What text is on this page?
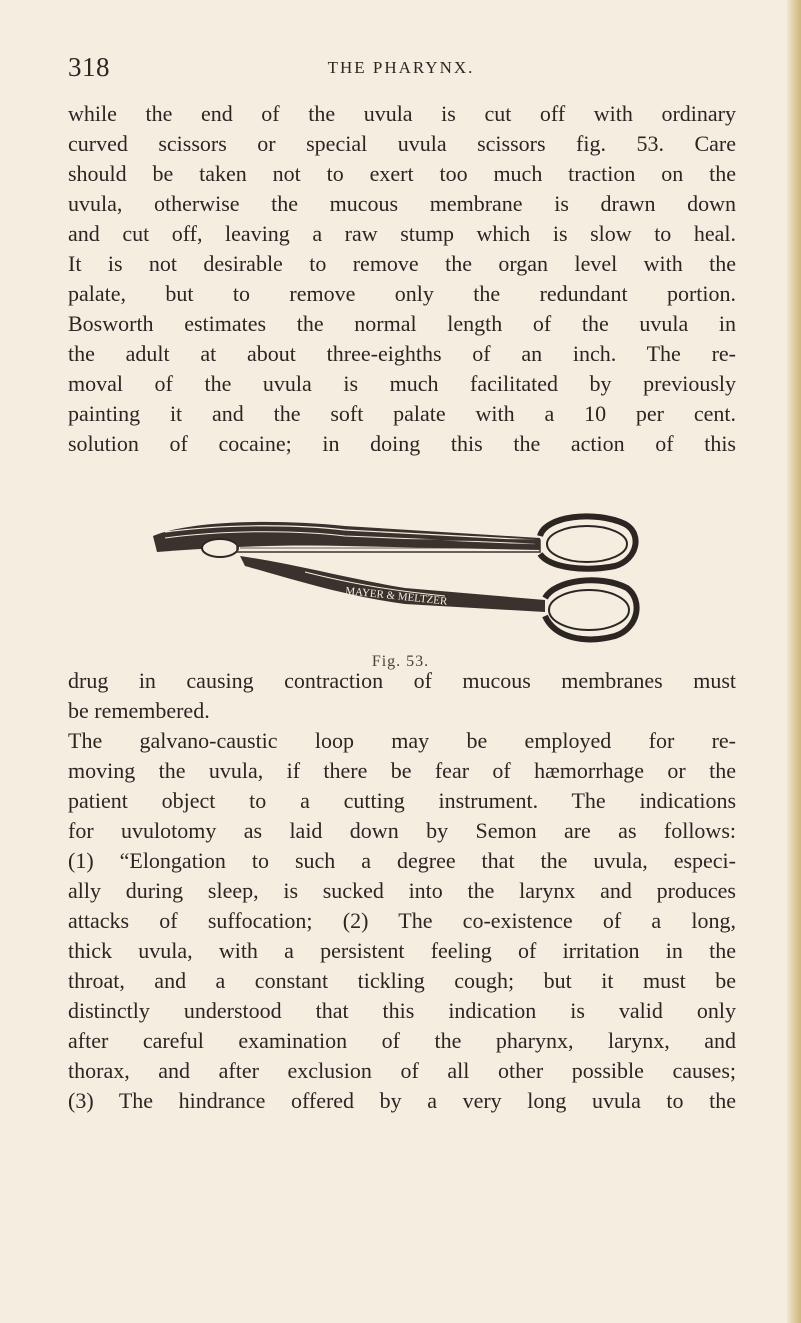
318	THE PHARYNX.
while the end of the uvula is cut off with ordinary
curved scissors or special uvula scissors fig. 53. Care
should be taken not to exert too much traction on the
uvula, otherwise the mucous membrane is drawn down
and cut off, leaving a raw stump which is slow to heal.
It is not desirable to remove the organ level with the
palate, but to remove only the redundant portion.
Bosworth estimates the normal length of the uvula in
the adult at about three-eighths of an inch. The re-
moval of the uvula is much facilitated by previously
painting it and the soft palate with a 10 per cent.
solution of cocaine; in doing this the action of this
MAYER & MELTZER
Fig. 53.
drug in causing contraction of mucous membranes must
be remembered.
The galvano-caustic loop may be employed for re-
moving the uvula, if there be fear of hæmorrhage or the
patient object to a cutting instrument. The indications
for uvulotomy as laid down by Semon are as follows:
(1) “Elongation to such a degree that the uvula, especi-
ally during sleep, is sucked into the larynx and produces
attacks of suffocation; (2) The co-existence of a long,
thick uvula, with a persistent feeling of irritation in the
throat, and a constant tickling cough; but it must be
distinctly understood that this indication is valid only
after careful examination of the pharynx, larynx, and
thorax, and after exclusion of all other possible causes;
(3) The hindrance offered by a very long uvula to the
